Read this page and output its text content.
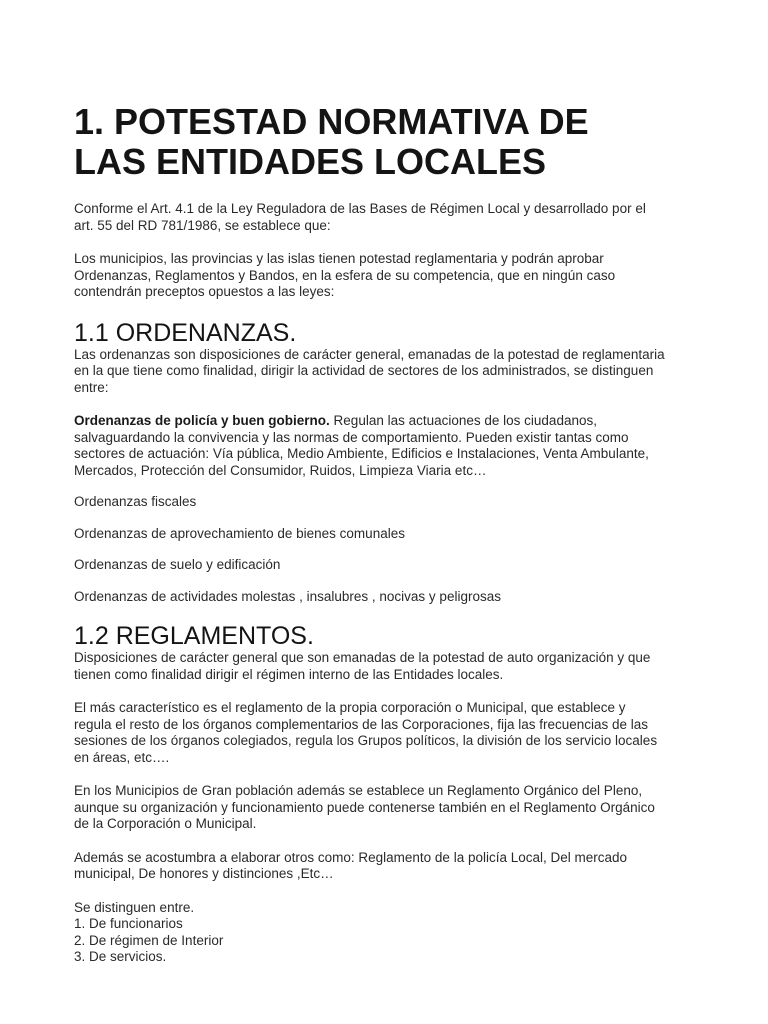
1. POTESTAD NORMATIVA DE
LAS ENTIDADES LOCALES

Conforme el Art. 4.1 de la Ley Reguladora de las Bases de Régimen Local y desarrollado por el
art. 55 del RD 781/1986, se establece que:

Los municipios, las provincias y las islas tienen potestad reglamentaria y podrán aprobar
Ordenanzas, Reglamentos y Bandos, en la esfera de su competencia, que en ningún caso
contendrán preceptos opuestos a las leyes:

1.1 ORDENANZAS.

Las ordenanzas son disposiciones de carácter general, emanadas de la potestad de reglamentaria
en la que tiene como finalidad, dirigir la actividad de sectores de los administrados, se distinguen
entre:

Ordenanzas de policía y buen gobierno. Regulan las actuaciones de los ciudadanos,
salvaguardando la convivencia y las normas de comportamiento. Pueden existir tantas como
sectores de actuación: Vía pública, Medio Ambiente, Edificios e Instalaciones, Venta Ambulante,
Mercados, Protección del Consumidor, Ruidos, Limpieza Viaria etc…

Ordenanzas fiscales

Ordenanzas de aprovechamiento de bienes comunales

Ordenanzas de suelo y edificación

Ordenanzas de actividades molestas , insalubres , nocivas y peligrosas

1.2 REGLAMENTOS.

Disposiciones de carácter general que son emanadas de la potestad de auto organización y que
tienen como finalidad dirigir el régimen interno de las Entidades locales.

El más característico es el reglamento de la propia corporación o Municipal, que establece y
regula el resto de los órganos complementarios de las Corporaciones, fija las frecuencias de las
sesiones de los órganos colegiados, regula los Grupos políticos, la división de los servicio locales
en áreas, etc….

En los Municipios de Gran población además se establece un Reglamento Orgánico del Pleno,
aunque su organización y funcionamiento puede contenerse también en el Reglamento Orgánico
de la Corporación o Municipal.

Además se acostumbra a elaborar otros como: Reglamento de la policía Local, Del mercado
municipal, De honores y distinciones ,Etc…

Se distinguen entre.
1. De funcionarios
2. De régimen de Interior
3. De servicios.
